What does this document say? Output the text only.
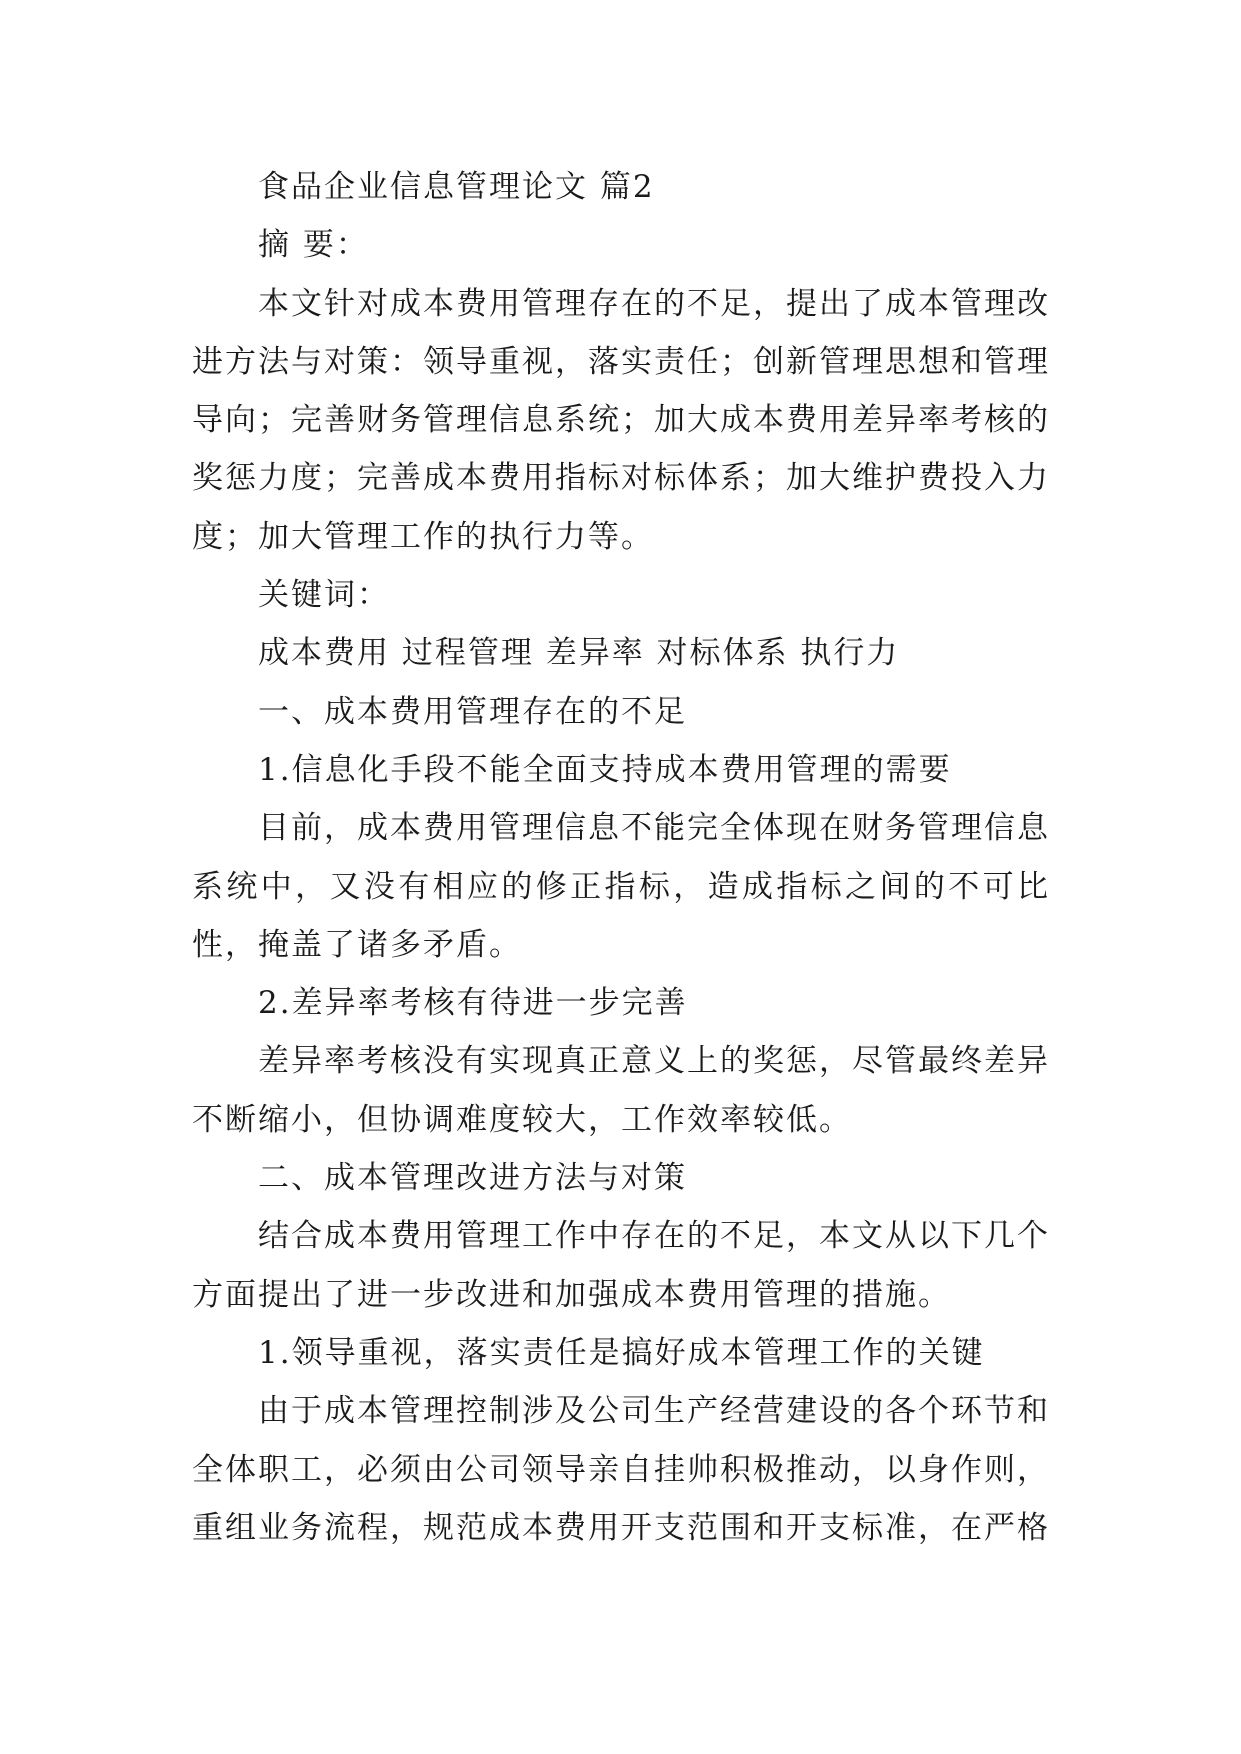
食品企业信息管理论文 篇2

摘 要：

本文针对成本费用管理存在的不足，提出了成本管理改进方法与对策：领导重视，落实责任；创新管理思想和管理导向；完善财务管理信息系统；加大成本费用差异率考核的奖惩力度；完善成本费用指标对标体系；加大维护费投入力度；加大管理工作的执行力等。

关键词：

成本费用 过程管理 差异率 对标体系 执行力

一、成本费用管理存在的不足

1.信息化手段不能全面支持成本费用管理的需要

目前，成本费用管理信息不能完全体现在财务管理信息系统中，又没有相应的修正指标，造成指标之间的不可比性，掩盖了诸多矛盾。

2.差异率考核有待进一步完善

差异率考核没有实现真正意义上的奖惩，尽管最终差异不断缩小，但协调难度较大，工作效率较低。

二、成本管理改进方法与对策

结合成本费用管理工作中存在的不足，本文从以下几个方面提出了进一步改进和加强成本费用管理的措施。

1.领导重视，落实责任是搞好成本管理工作的关键

由于成本管理控制涉及公司生产经营建设的各个环节和全体职工，必须由公司领导亲自挂帅积极推动，以身作则，重组业务流程，规范成本费用开支范围和开支标准，在严格
